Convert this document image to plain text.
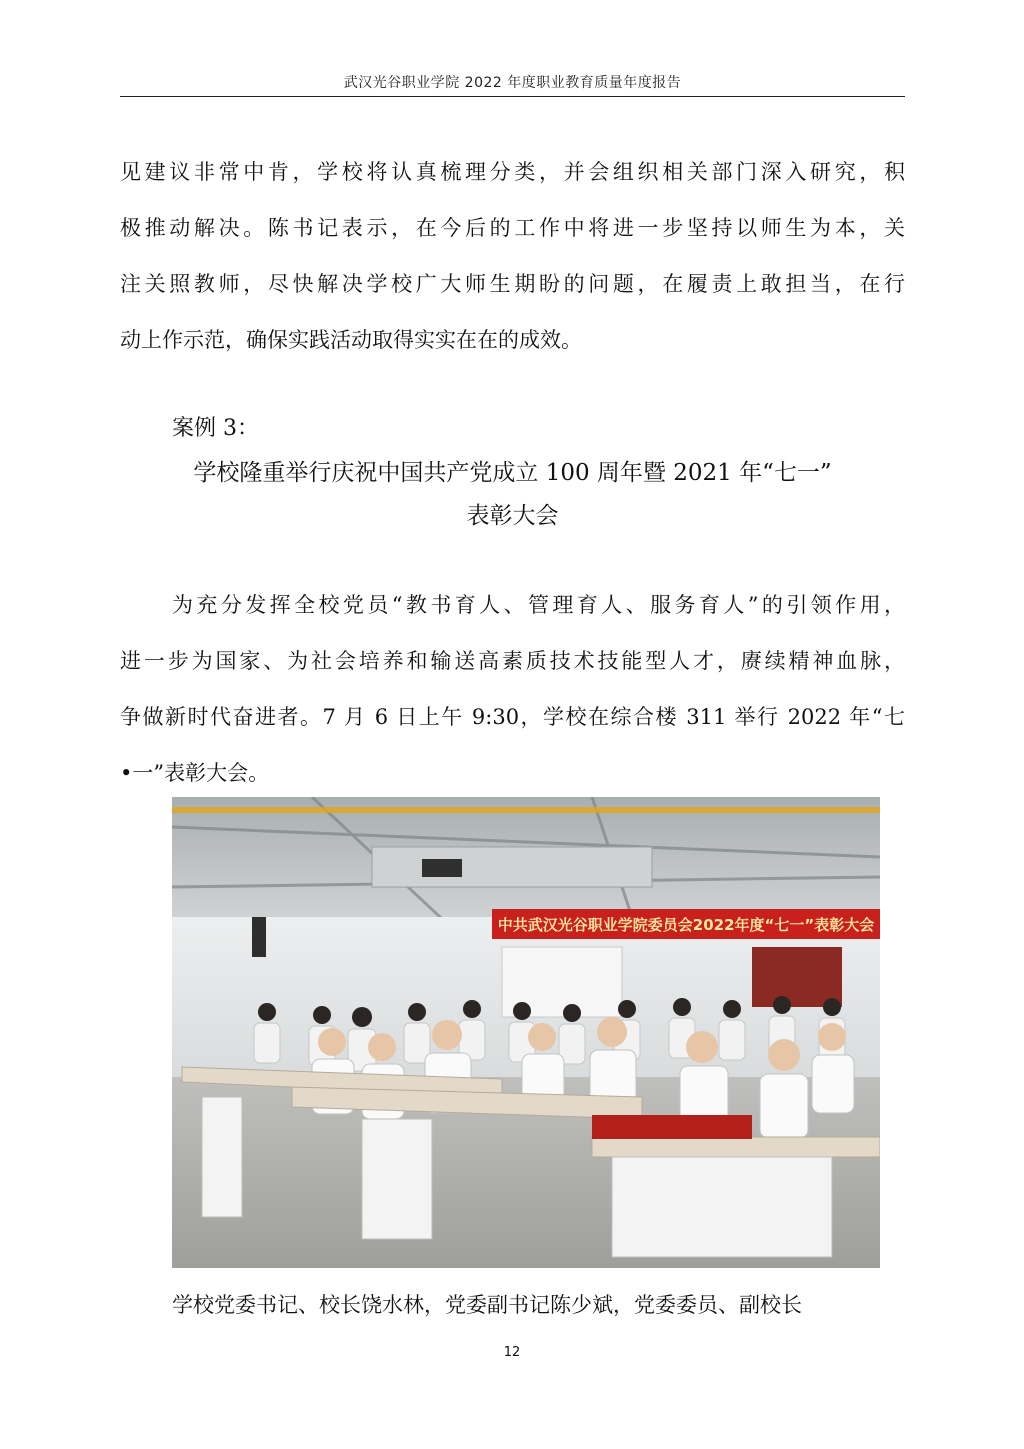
武汉光谷职业学院 2022 年度职业教育质量年度报告
见建议非常中肯，学校将认真梳理分类，并会组织相关部门深入研究，积
极推动解决。陈书记表示，在今后的工作中将进一步坚持以师生为本，关
注关照教师，尽快解决学校广大师生期盼的问题，在履责上敢担当，在行
动上作示范，确保实践活动取得实实在在的成效。
案例 3：
学校隆重举行庆祝中国共产党成立 100 周年暨 2021 年“七一”
表彰大会
为充分发挥全校党员“教书育人、管理育人、服务育人”的引领作用，
进一步为国家、为社会培养和输送高素质技术技能型人才，赓续精神血脉，
争做新时代奋进者。7 月 6 日上午 9:30，学校在综合楼 311 举行 2022 年“七
•一”表彰大会。
中共武汉光谷职业学院委员会2022年度“七一”表彰大会
学校党委书记、校长饶水林，党委副书记陈少斌，党委委员、副校长
12
